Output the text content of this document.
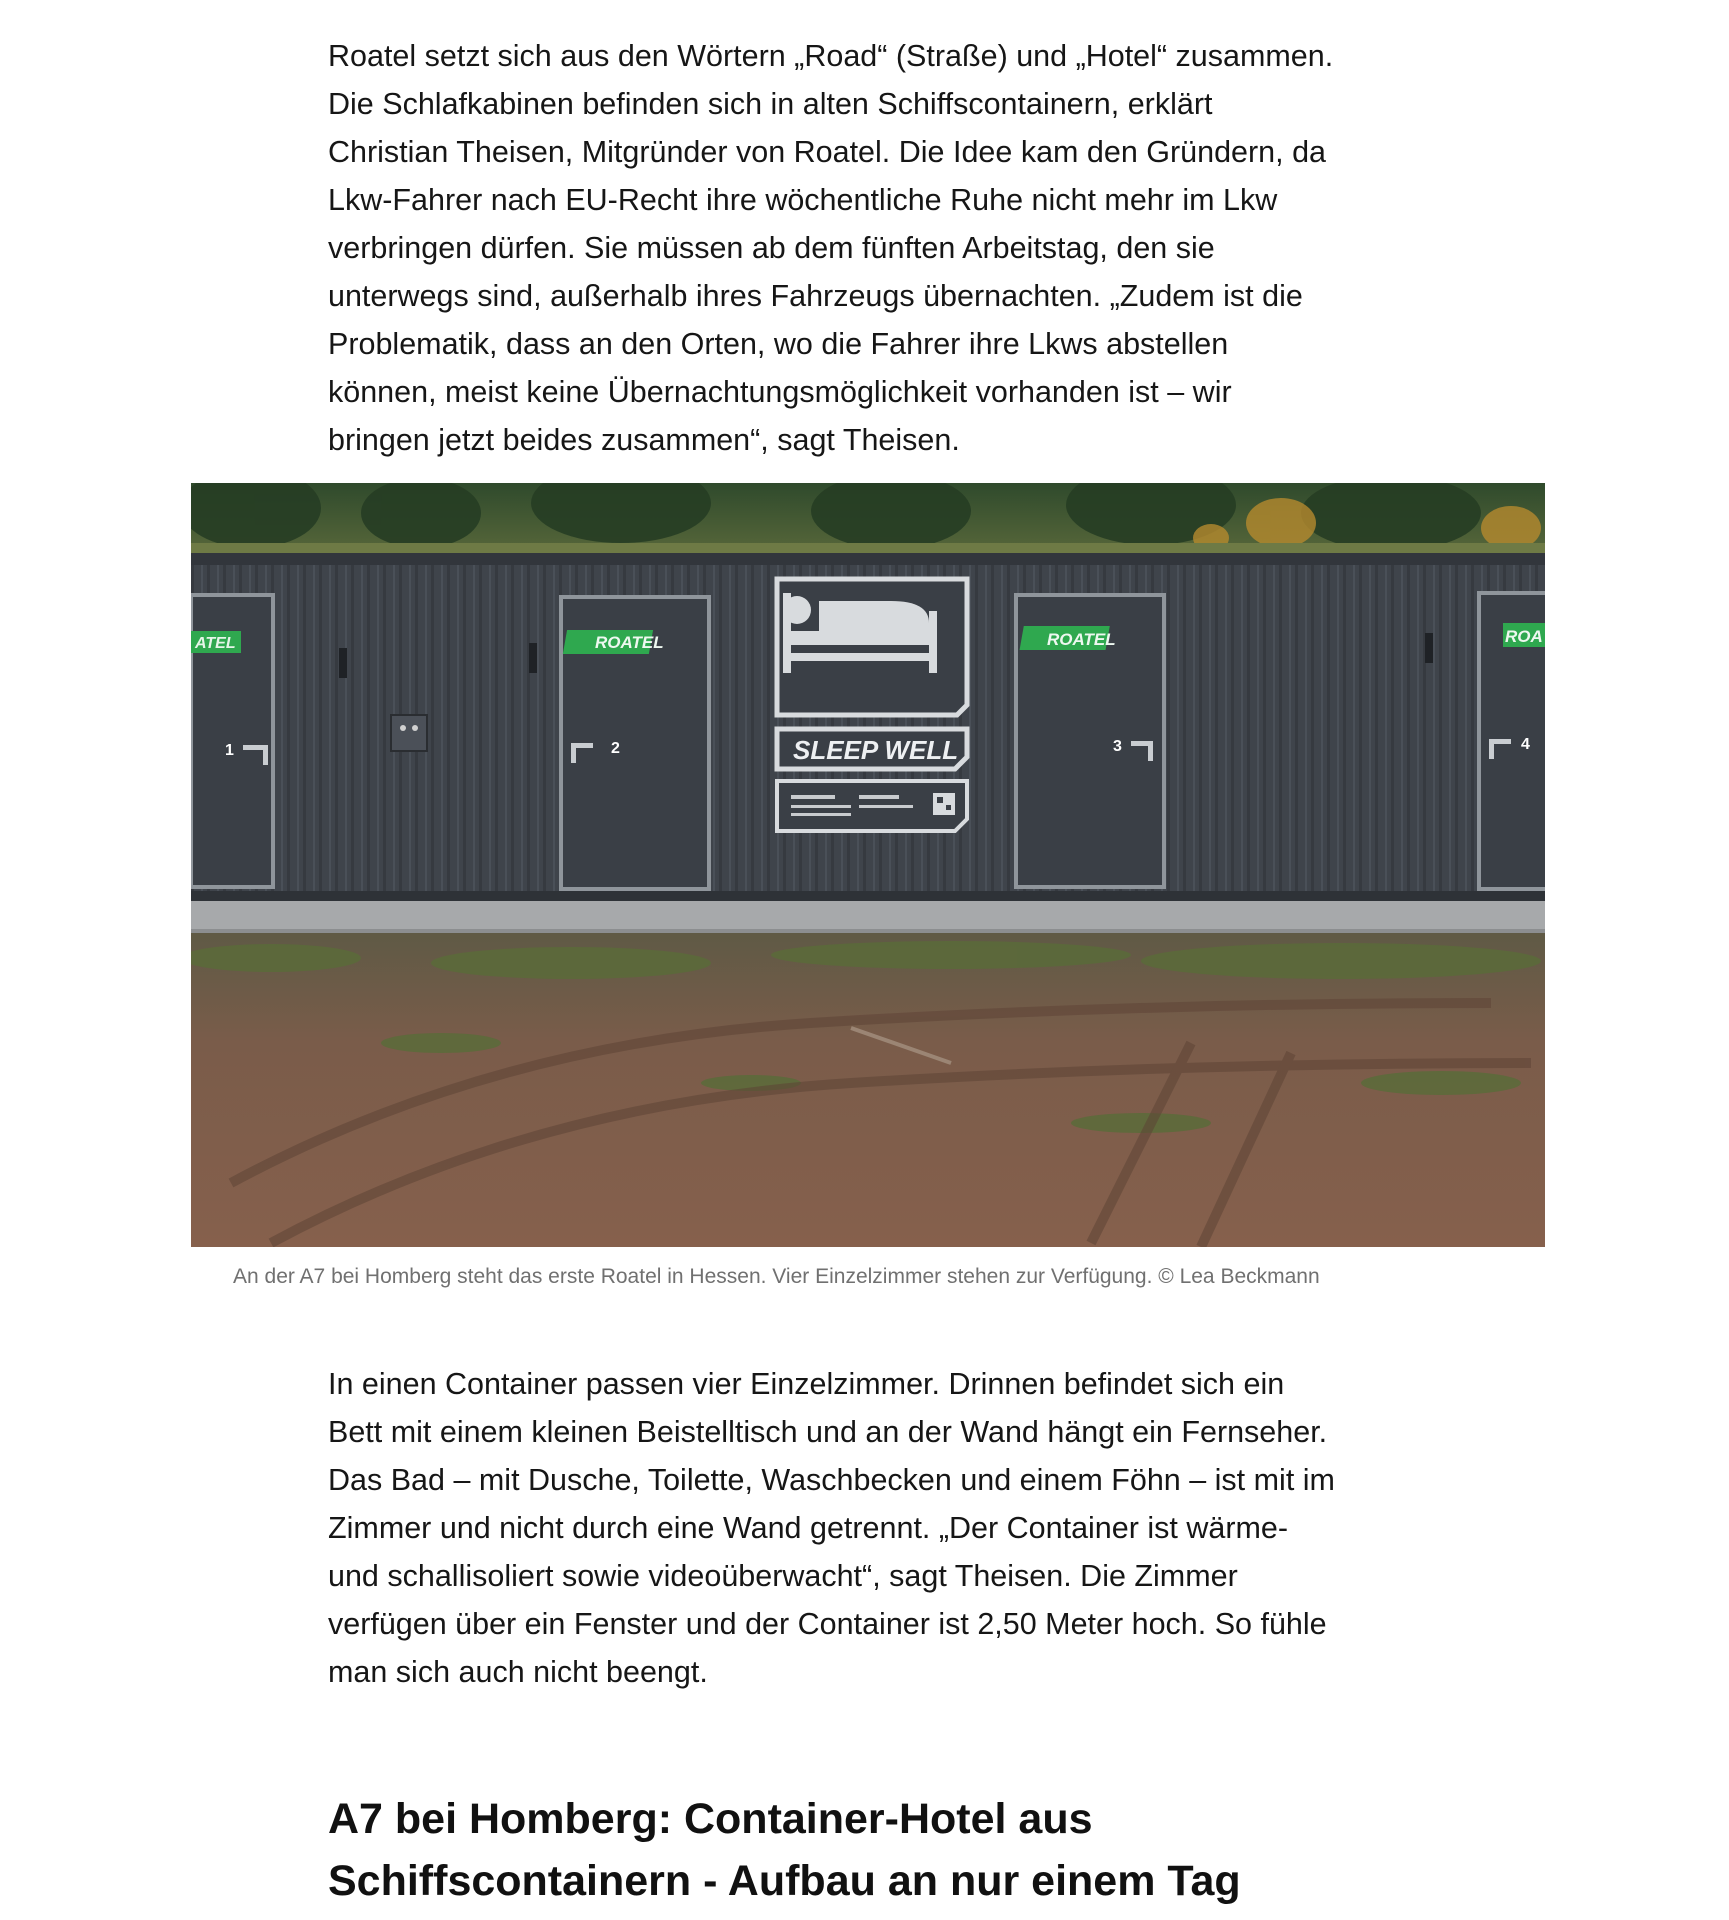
Roatel setzt sich aus den Wörtern „Road“ (Straße) und „Hotel“ zusammen.
Die Schlafkabinen befinden sich in alten Schiffscontainern, erklärt
Christian Theisen, Mitgründer von Roatel. Die Idee kam den Gründern, da
Lkw-Fahrer nach EU-Recht ihre wöchentliche Ruhe nicht mehr im Lkw
verbringen dürfen. Sie müssen ab dem fünften Arbeitstag, den sie
unterwegs sind, außerhalb ihres Fahrzeugs übernachten. „Zudem ist die
Problematik, dass an den Orten, wo die Fahrer ihre Lkws abstellen
können, meist keine Übernachtungsmöglichkeit vorhanden ist – wir
bringen jetzt beides zusammen“, sagt Theisen.

ATEL
1
ROATEL
2
ROATEL
3
ROA
4
SLEEP WELL
An der A7 bei Homberg steht das erste Roatel in Hessen. Vier Einzelzimmer stehen zur Verfügung. © Lea Beckmann

In einen Container passen vier Einzelzimmer. Drinnen befindet sich ein
Bett mit einem kleinen Beistelltisch und an der Wand hängt ein Fernseher.
Das Bad – mit Dusche, Toilette, Waschbecken und einem Föhn – ist mit im
Zimmer und nicht durch eine Wand getrennt. „Der Container ist wärme-
und schallisoliert sowie videoüberwacht“, sagt Theisen. Die Zimmer
verfügen über ein Fenster und der Container ist 2,50 Meter hoch. So fühle
man sich auch nicht beengt.

A7 bei Homberg: Container-Hotel aus
Schiffscontainern - Aufbau an nur einem Tag
